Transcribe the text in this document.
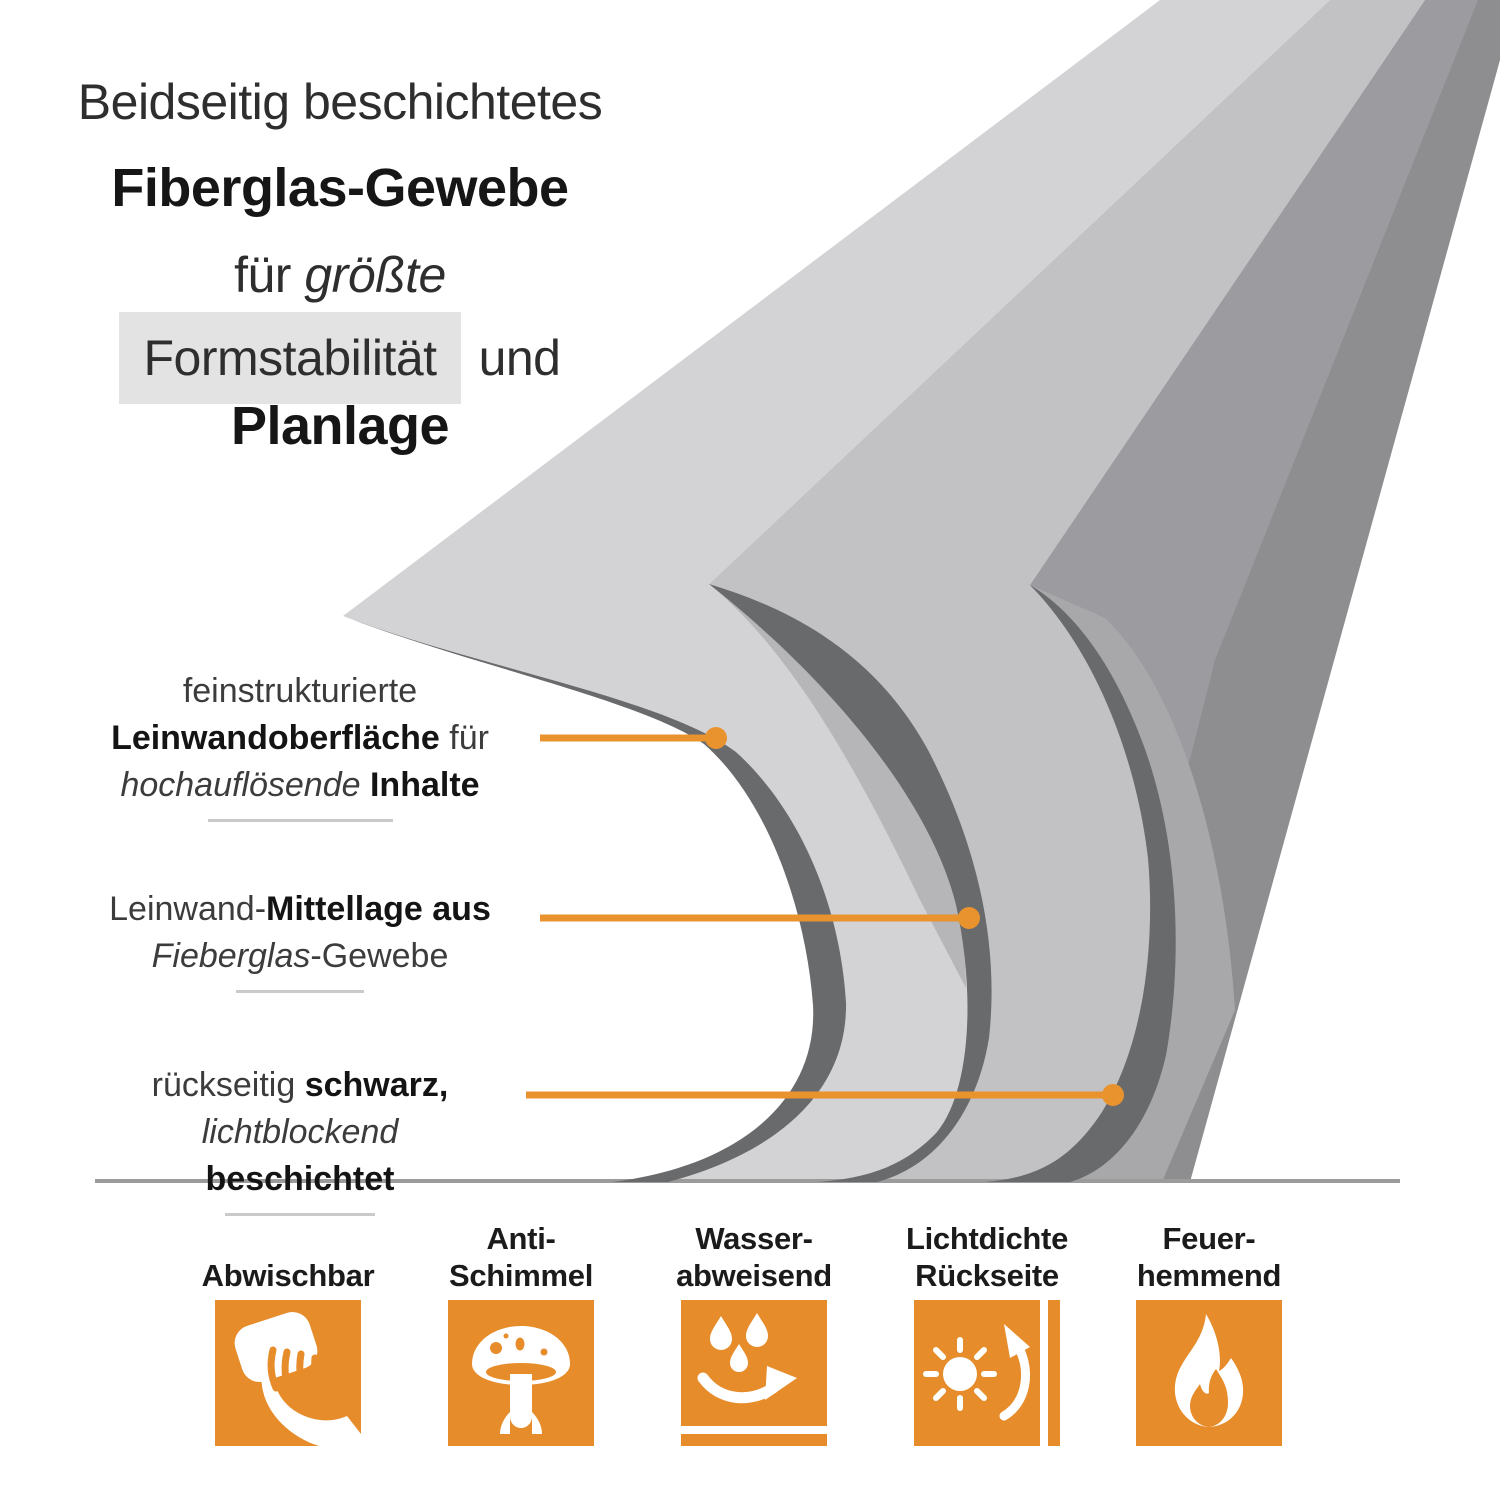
Beidseitig beschichtetes
Fiberglas-Gewebe
für größte
Formstabilität und
Planlage
feinstrukturierte
Leinwandoberfläche für
hochauflösende Inhalte
Leinwand-Mittellage aus
Fieberglas-Gewebe
rückseitig schwarz,
lichtblockend beschichtet
Abwischbar
Anti-
Schimmel
Wasser-
abweisend
Lichtdichte
Rückseite
Feuer-
hemmend
